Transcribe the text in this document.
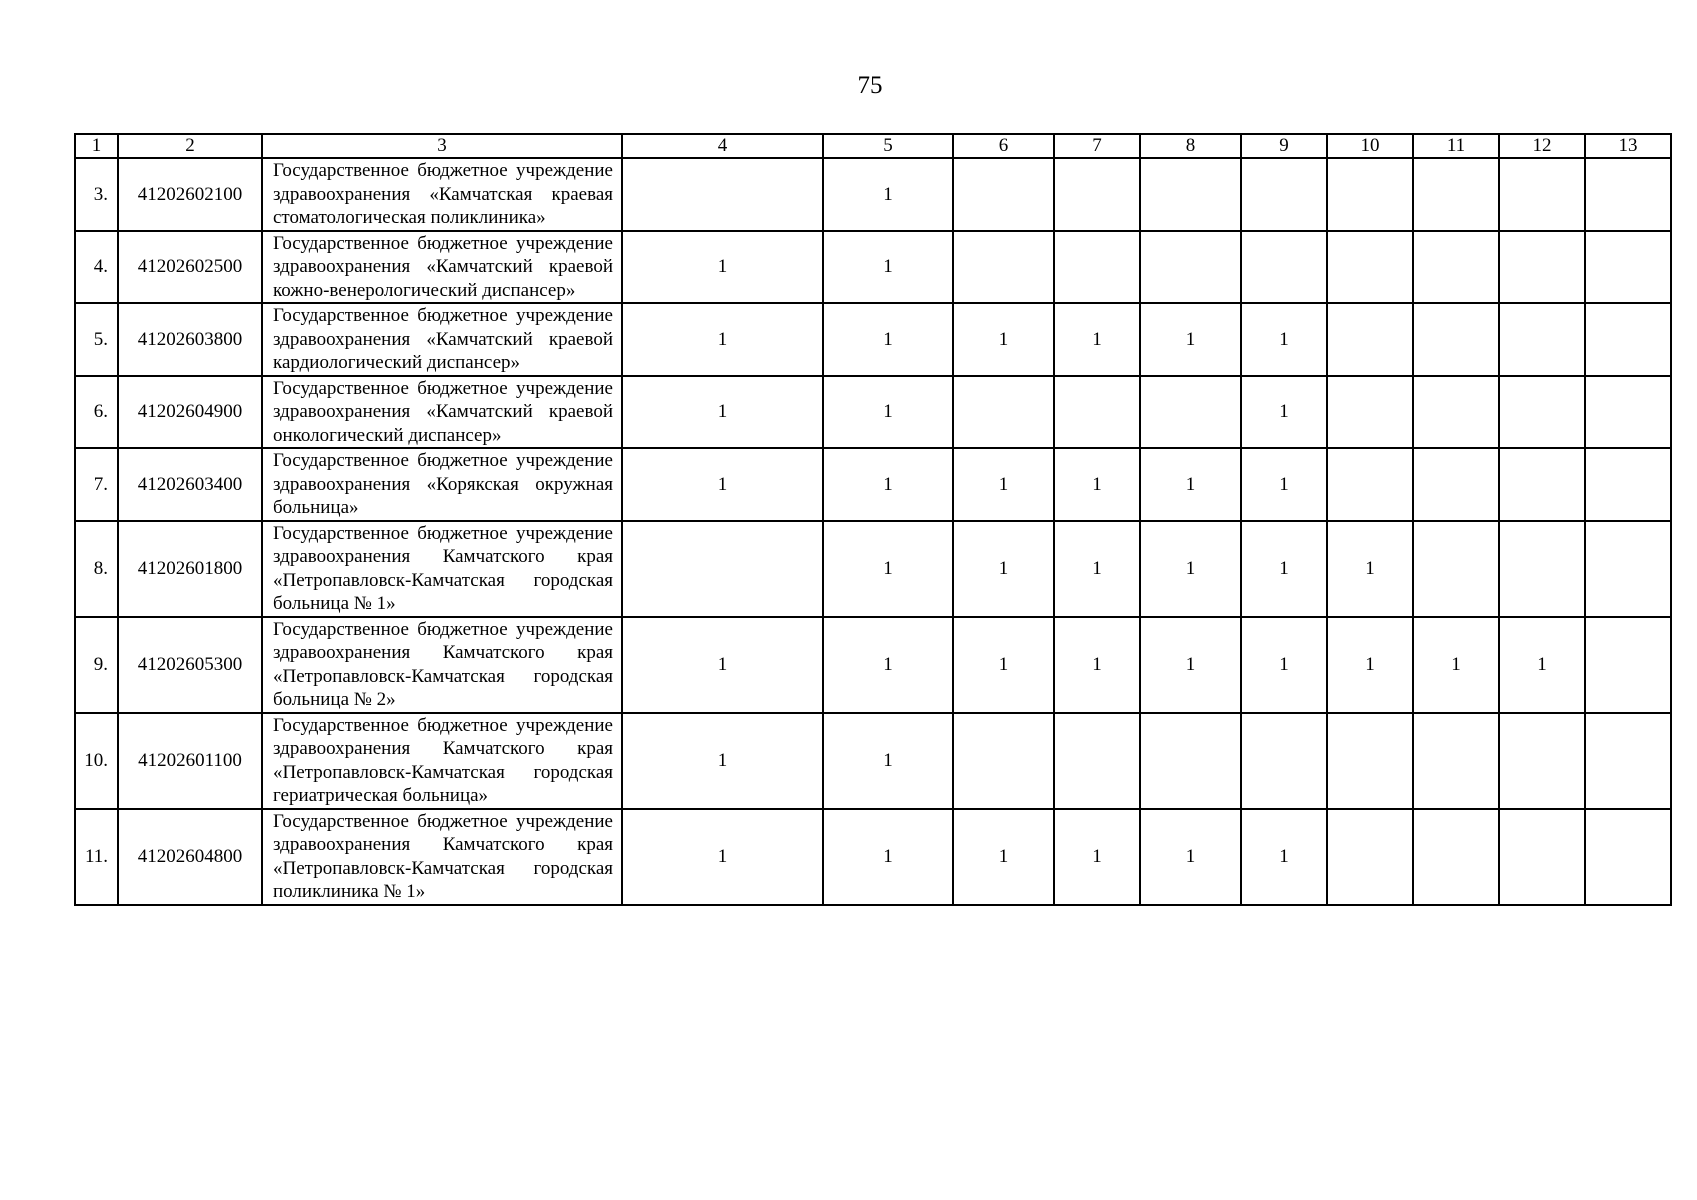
75
1	2	3	4	5	6	7	8	9	10	11	12	13
3.	41202602100	Государственное бюджетное учреждение здравоохранения «Камчатская краевая стоматологическая поликлиника»		1								
4.	41202602500	Государственное бюджетное учреждение здравоохранения «Камчатский краевой кожно-венерологический диспансер»	1	1								
5.	41202603800	Государственное бюджетное учреждение здравоохранения «Камчатский краевой кардиологический диспансер»	1	1	1	1	1	1				
6.	41202604900	Государственное бюджетное учреждение здравоохранения «Камчатский краевой онкологический диспансер»	1	1				1				
7.	41202603400	Государственное бюджетное учреждение здравоохранения «Корякская окружная больница»	1	1	1	1	1	1				
8.	41202601800	Государственное бюджетное учреждение здравоохранения Камчатского края «Петропавловск-Камчатская городская больница № 1»		1	1	1	1	1	1			
9.	41202605300	Государственное бюджетное учреждение здравоохранения Камчатского края «Петропавловск-Камчатская городская больница № 2»	1	1	1	1	1	1	1	1	1	
10.	41202601100	Государственное бюджетное учреждение здравоохранения Камчатского края «Петропавловск-Камчатская городская гериатрическая больница»	1	1								
11.	41202604800	Государственное бюджетное учреждение здравоохранения Камчатского края «Петропавловск-Камчатская городская поликлиника № 1»	1	1	1	1	1	1				
